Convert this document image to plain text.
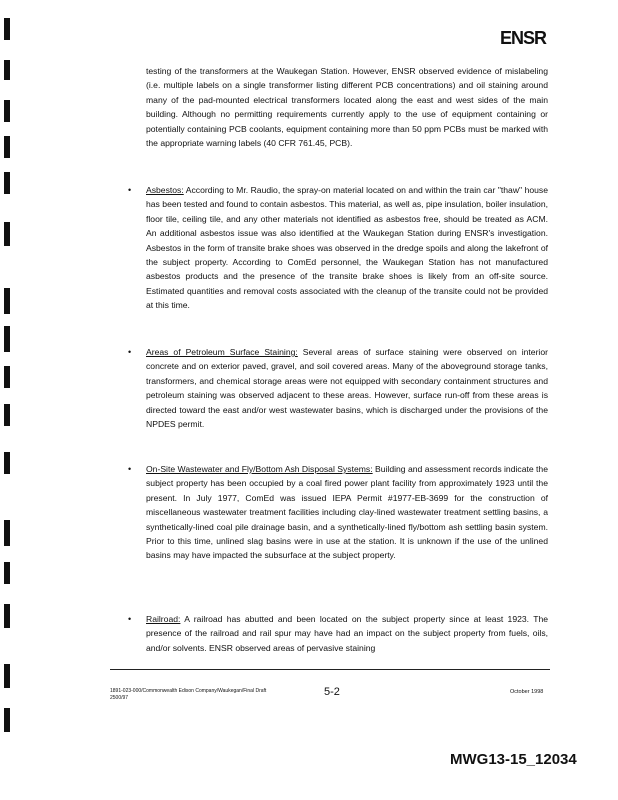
ENSR

testing of the transformers at the Waukegan Station. However, ENSR observed evidence of mislabeling (i.e. multiple labels on a single transformer listing different PCB concentrations) and oil staining around many of the pad-mounted electrical transformers located along the east and west sides of the main building. Although no permitting requirements currently apply to the use of equipment containing or potentially containing PCB coolants, equipment containing more than 50 ppm PCBs must be marked with the appropriate warning labels (40 CFR 761.45, PCB).

•	Asbestos: According to Mr. Raudio, the spray-on material located on and within the train car "thaw" house has been tested and found to contain asbestos. This material, as well as, pipe insulation, boiler insulation, floor tile, ceiling tile, and any other materials not identified as asbestos free, should be treated as ACM. An additional asbestos issue was also identified at the Waukegan Station during ENSR's investigation. Asbestos in the form of transite brake shoes was observed in the dredge spoils and along the lakefront of the subject property. According to ComEd personnel, the Waukegan Station has not manufactured asbestos products and the presence of the transite brake shoes is likely from an off-site source. Estimated quantities and removal costs associated with the cleanup of the transite could not be provided at this time.
•	Areas of Petroleum Surface Staining: Several areas of surface staining were observed on interior concrete and on exterior paved, gravel, and soil covered areas. Many of the aboveground storage tanks, transformers, and chemical storage areas were not equipped with secondary containment structures and petroleum staining was observed adjacent to these areas. However, surface run-off from these areas is directed toward the east and/or west wastewater basins, which is discharged under the provisions of the NPDES permit.
•	On-Site Wastewater and Fly/Bottom Ash Disposal Systems: Building and assessment records indicate the subject property has been occupied by a coal fired power plant facility from approximately 1923 until the present. In July 1977, ComEd was issued IEPA Permit #1977-EB-3699 for the construction of miscellaneous wastewater treatment facilities including clay-lined wastewater treatment settling basins, a synthetically-lined coal pile drainage basin, and a synthetically-lined fly/bottom ash settling basin system. Prior to this time, unlined slag basins were in use at the station. It is unknown if the use of the unlined basins may have impacted the subsurface at the subject property.
•	Railroad: A railroad has abutted and been located on the subject property since at least 1923. The presence of the railroad and rail spur may have had an impact on the subject property from fuels, oils, and/or solvents. ENSR observed areas of pervasive staining
1891-023-000/Commonwealth Edison Company/Waukegan/Final Draft
2500/97	5-2	October 1998
MWG13-15_12034
